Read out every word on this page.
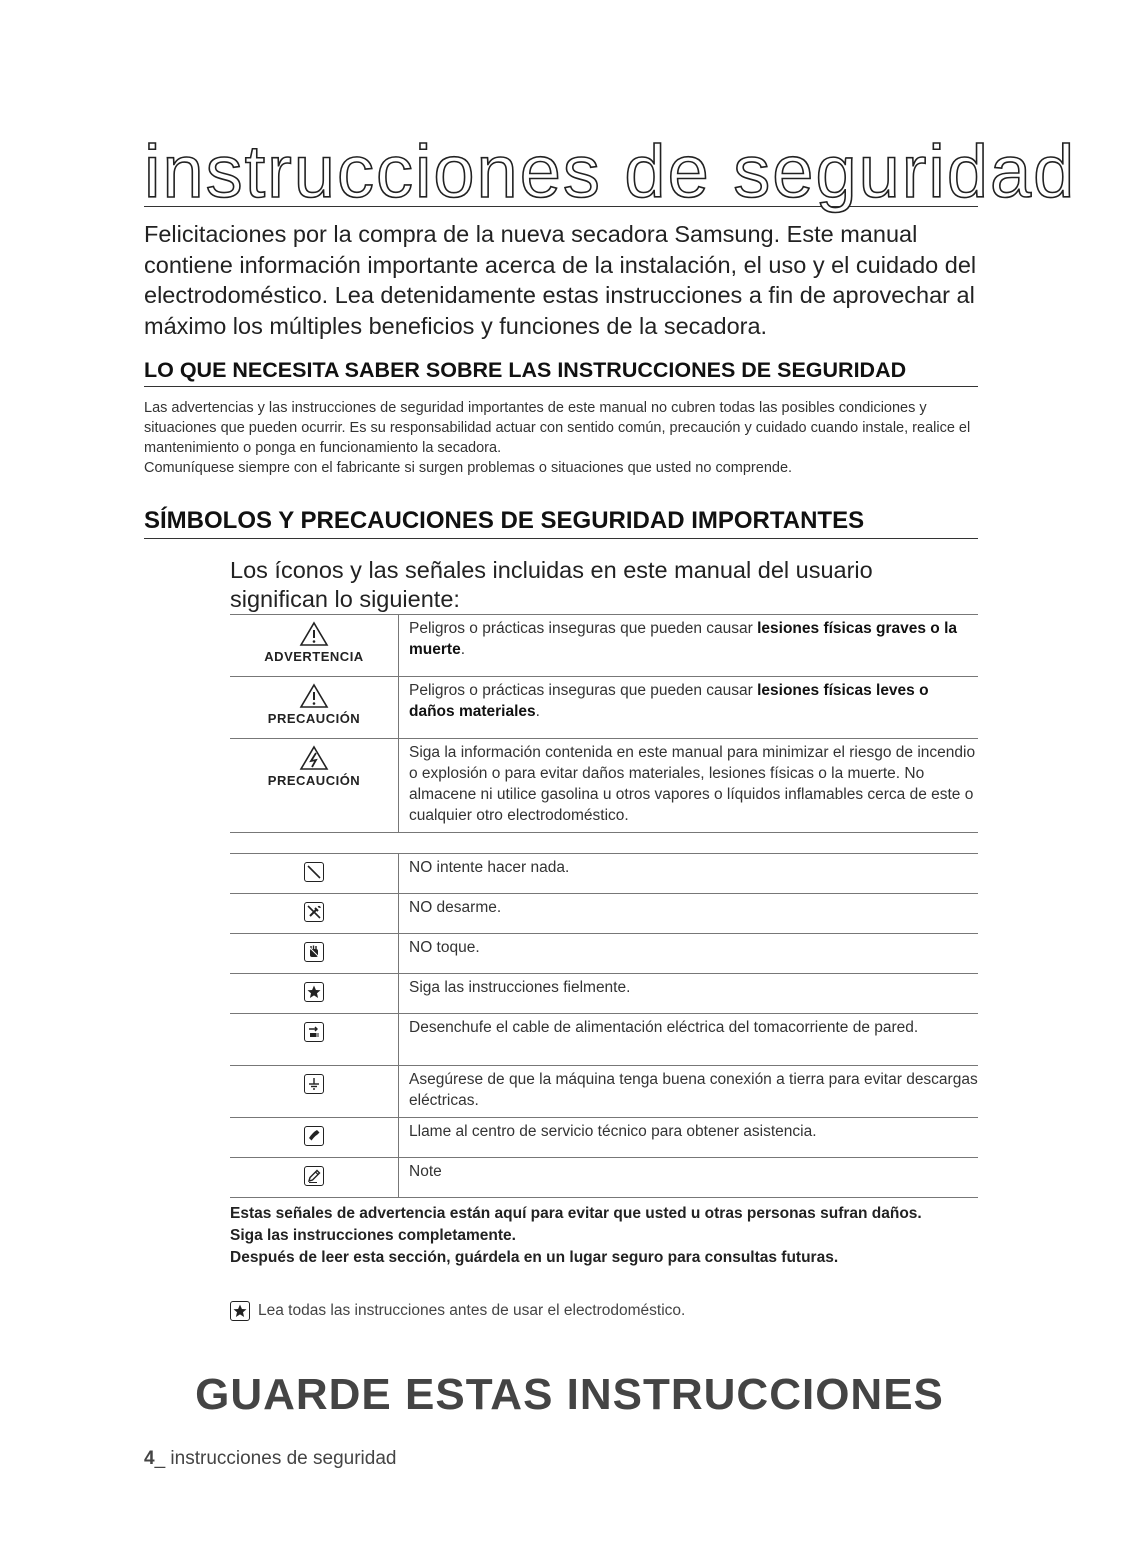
instrucciones de seguridad
Felicitaciones por la compra de la nueva secadora Samsung. Este manual contiene información importante acerca de la instalación, el uso y el cuidado del electrodoméstico. Lea detenidamente estas instrucciones a fin de aprovechar al máximo los múltiples beneficios y funciones de la secadora.
LO QUE NECESITA SABER SOBRE LAS INSTRUCCIONES DE SEGURIDAD

Las advertencias y las instrucciones de seguridad importantes de este manual no cubren todas las posibles condiciones y situaciones que pueden ocurrir. Es su responsabilidad actuar con sentido común, precaución y cuidado cuando instale, realice el mantenimiento o ponga en funcionamiento la secadora.

Comuníquese siempre con el fabricante si surgen problemas o situaciones que usted no comprende.

SÍMBOLOS Y PRECAUCIONES DE SEGURIDAD IMPORTANTES
Los íconos y las señales incluidas en este manual del usuario significan lo siguiente:
ADVERTENCIA	Peligros o prácticas inseguras que pueden causar lesiones físicas graves o la muerte.

PRECAUCIÓN	Peligros o prácticas inseguras que pueden causar lesiones físicas leves o daños materiales.

PRECAUCIÓN	Siga la información contenida en este manual para minimizar el riesgo de incendio o explosión o para evitar daños materiales, lesiones físicas o la muerte. No almacene ni utilice gasolina u otros vapores o líquidos inflamables cerca de este o cualquier otro electrodoméstico.
	NO intente hacer nada.

	NO desarme.

	NO toque.

	Siga las instrucciones fielmente.

	Desenchufe el cable de alimentación eléctrica del tomacorriente de pared.

	Asegúrese de que la máquina tenga buena conexión a tierra para evitar descargas eléctricas.

	Llame al centro de servicio técnico para obtener asistencia.

	Note

Estas señales de advertencia están aquí para evitar que usted u otras personas sufran daños.

Siga las instrucciones completamente.

Después de leer esta sección, guárdela en un lugar seguro para consultas futuras.

Lea todas las instrucciones antes de usar el electrodoméstico.
GUARDE ESTAS INSTRUCCIONES
4_ instrucciones de seguridad
